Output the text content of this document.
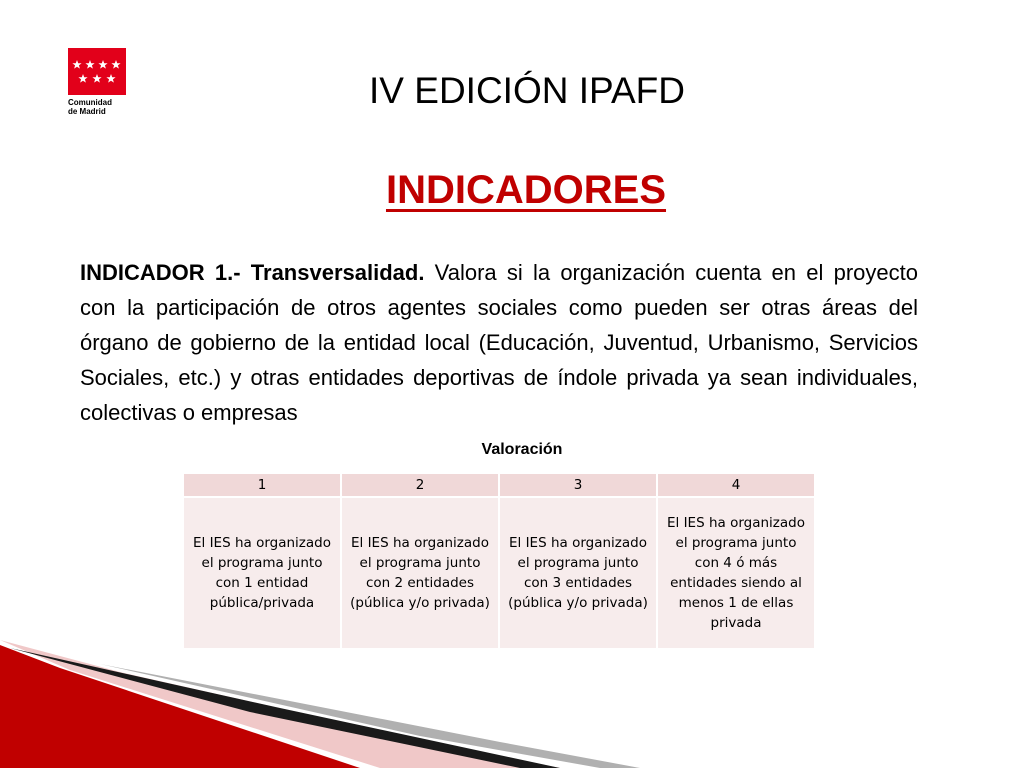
Comunidad
de Madrid
IV EDICIÓN IPAFD
INDICADORES
INDICADOR 1.- Transversalidad. Valora si la organización cuenta en el proyecto con la participación de otros agentes sociales como pueden ser otras áreas del órgano de gobierno de la entidad local (Educación, Juventud, Urbanismo, Servicios Sociales, etc.) y otras entidades deportivas de índole privada ya sean individuales, colectivas o empresas
Valoración
1	2	3	4
El IES ha organizado el programa junto con 1 entidad pública/privada	El IES ha organizado el programa junto con 2 entidades (pública y/o privada)	El IES ha organizado el programa junto con 3 entidades (pública y/o privada)	El IES ha organizado el programa junto con 4 ó más entidades siendo al menos 1 de ellas privada
